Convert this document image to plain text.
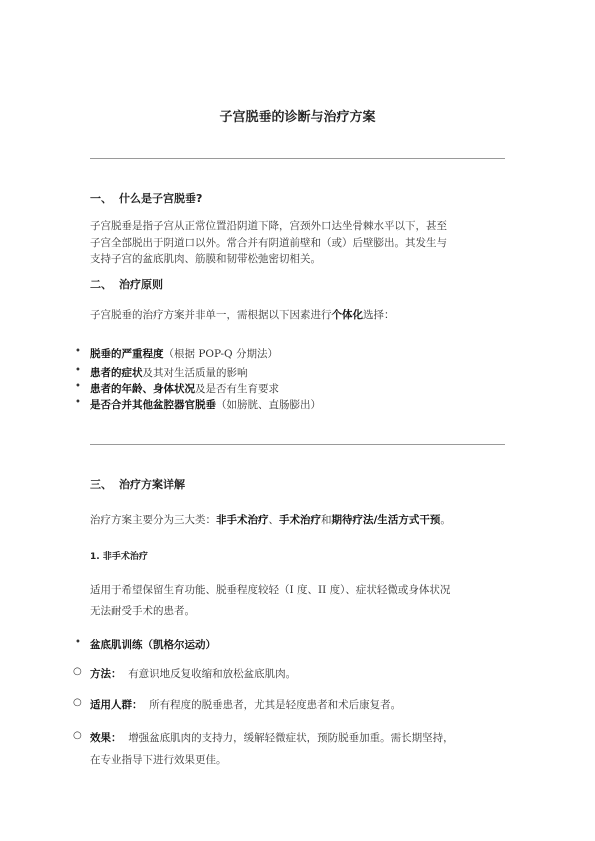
子宫脱垂的诊断与治疗方案
一、 什么是子宫脱垂?
子宫脱垂是指子宫从正常位置沿阴道下降，宫颈外口达坐骨棘水平以下，甚至
子宫全部脱出于阴道口以外。常合并有阴道前壁和（或）后壁膨出。其发生与
支持子宫的盆底肌肉、筋膜和韧带松弛密切相关。
二、 治疗原则
子宫脱垂的治疗方案并非单一，需根据以下因素进行个体化选择：
• 脱垂的严重程度（根据 POP-Q 分期法）
• 患者的症状及其对生活质量的影响
• 患者的年龄、身体状况及是否有生育要求
• 是否合并其他盆腔器官脱垂（如膀胱、直肠膨出）
三、 治疗方案详解
治疗方案主要分为三大类：非手术治疗、手术治疗和期待疗法/生活方式干预。
1. 非手术治疗
适用于希望保留生育功能、脱垂程度较轻（I 度、II 度）、症状轻微或身体状况
无法耐受手术的患者。
• 盆底肌训练（凯格尔运动）
○ 方法： 有意识地反复收缩和放松盆底肌肉。
○ 适用人群： 所有程度的脱垂患者，尤其是轻度患者和术后康复者。
○ 效果： 增强盆底肌肉的支持力，缓解轻微症状，预防脱垂加重。需长期坚持，
在专业指导下进行效果更佳。
